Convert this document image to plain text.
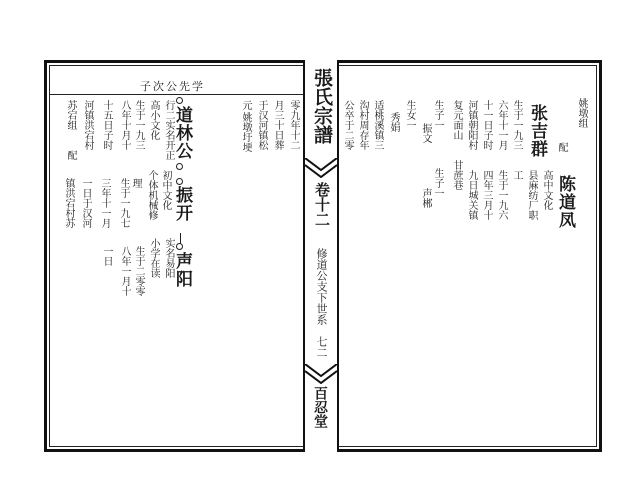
子次公先学
苏宕组
配
河镇洪宕村 十五日子时 八年十月十 生于一九三 高小文化 行二
道林公
镇洪宕村苏 一日于汉河 三年十一月 生于一九七 理 个体机械修 初中文化
实名开正
振开
一日 八年一月十 生于二零零 小学在读 实名易阳
声阳
元
姚墩圩埂 于汉河镇松 月三十日葬 零九年十二 張氏宗譜
卷十二
修道公支下世系
七二
百忍堂
姚墩组
配
陈道凤
高中文化
县麻纺厂职
工
生于一九六
四年三月十
九日城关镇
甘蔗巷
张吉群
生于一九三
六年十一月
十一日子时
河镇朝阳村
复元面山
生子一
振文
生女一
秀娟
适桃溪镇三
沟村周存年
公卒于二零
生子一
声郴
